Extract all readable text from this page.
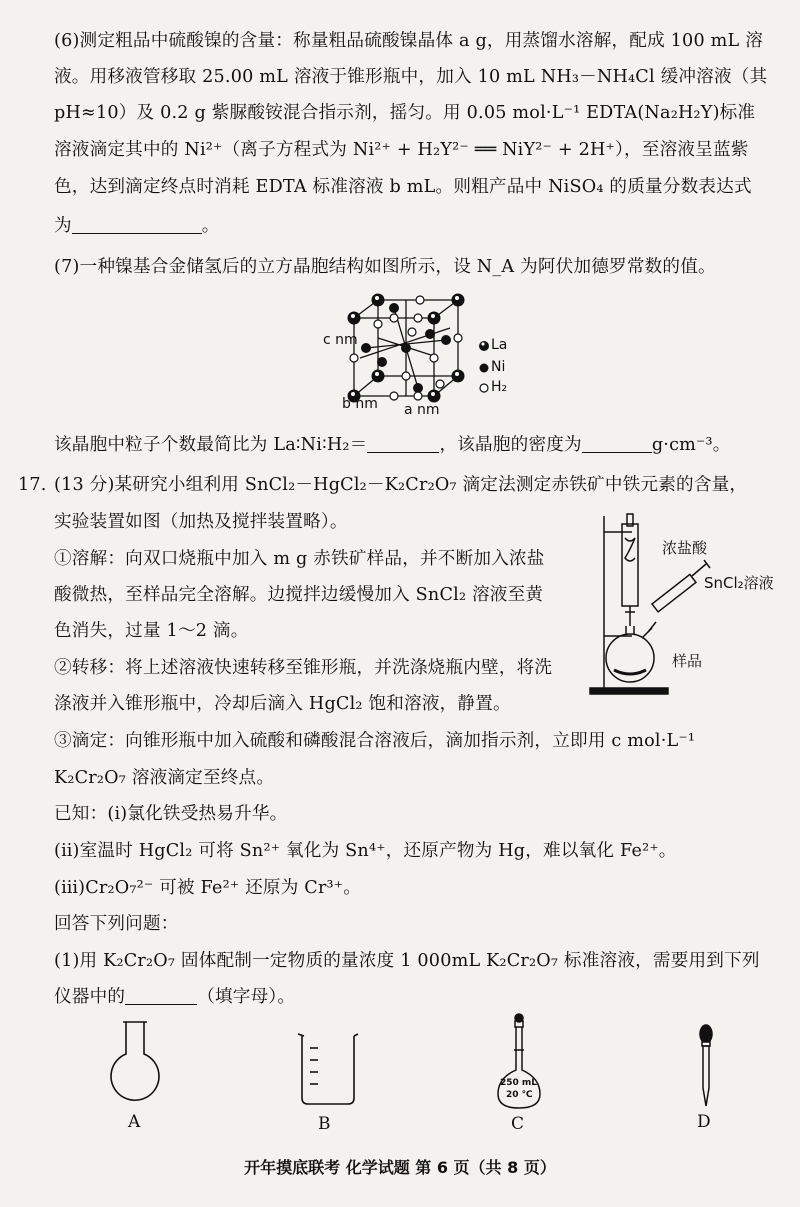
(6)测定粗品中硫酸镍的含量：称量粗品硫酸镍晶体 a g，用蒸馏水溶解，配成 100 mL 溶
液。用移液管移取 25.00 mL 溶液于锥形瓶中，加入 10 mL NH₃－NH₄Cl 缓冲溶液（其
pH≈10）及 0.2 g 紫脲酸铵混合指示剂，摇匀。用 0.05 mol·L⁻¹ EDTA(Na₂H₂Y)标准
溶液滴定其中的 Ni²⁺（离子方程式为 Ni²⁺ + H₂Y²⁻ ══ NiY²⁻ + 2H⁺），至溶液呈蓝紫
色，达到滴定终点时消耗 EDTA 标准溶液 b mL。则粗产品中 NiSO₄ 的质量分数表达式
为	。
(7)一种镍基合金储氢后的立方晶胞结构如图所示，设 N_A 为阿伏加德罗常数的值。
c nm
b nm a nm
La
Ni
H₂
该晶胞中粒子个数最简比为 La∶Ni∶H₂＝	，该晶胞的密度为	g·cm⁻³。
17. (13 分)某研究小组利用 SnCl₂－HgCl₂－K₂Cr₂O₇ 滴定法测定赤铁矿中铁元素的含量，
实验装置如图（加热及搅拌装置略）。
①溶解：向双口烧瓶中加入 m g 赤铁矿样品，并不断加入浓盐
酸微热，至样品完全溶解。边搅拌边缓慢加入 SnCl₂ 溶液至黄
色消失，过量 1～2 滴。
②转移：将上述溶液快速转移至锥形瓶，并洗涤烧瓶内壁，将洗
涤液并入锥形瓶中，冷却后滴入 HgCl₂ 饱和溶液，静置。
③滴定：向锥形瓶中加入硫酸和磷酸混合溶液后，滴加指示剂，立即用 c mol·L⁻¹
K₂Cr₂O₇ 溶液滴定至终点。
已知：(ⅰ)氯化铁受热易升华。
(ⅱ)室温时 HgCl₂ 可将 Sn²⁺ 氧化为 Sn⁴⁺，还原产物为 Hg，难以氧化 Fe²⁺。
(ⅲ)Cr₂O₇²⁻ 可被 Fe²⁺ 还原为 Cr³⁺。
回答下列问题：
(1)用 K₂Cr₂O₇ 固体配制一定物质的量浓度 1 000mL K₂Cr₂O₇ 标准溶液，需要用到下列
仪器中的	（填字母）。
浓盐酸
SnCl₂溶液
样品
A	B
250 mL
20 ℃
C	D
开年摸底联考 化学试题 第 6 页（共 8 页）
